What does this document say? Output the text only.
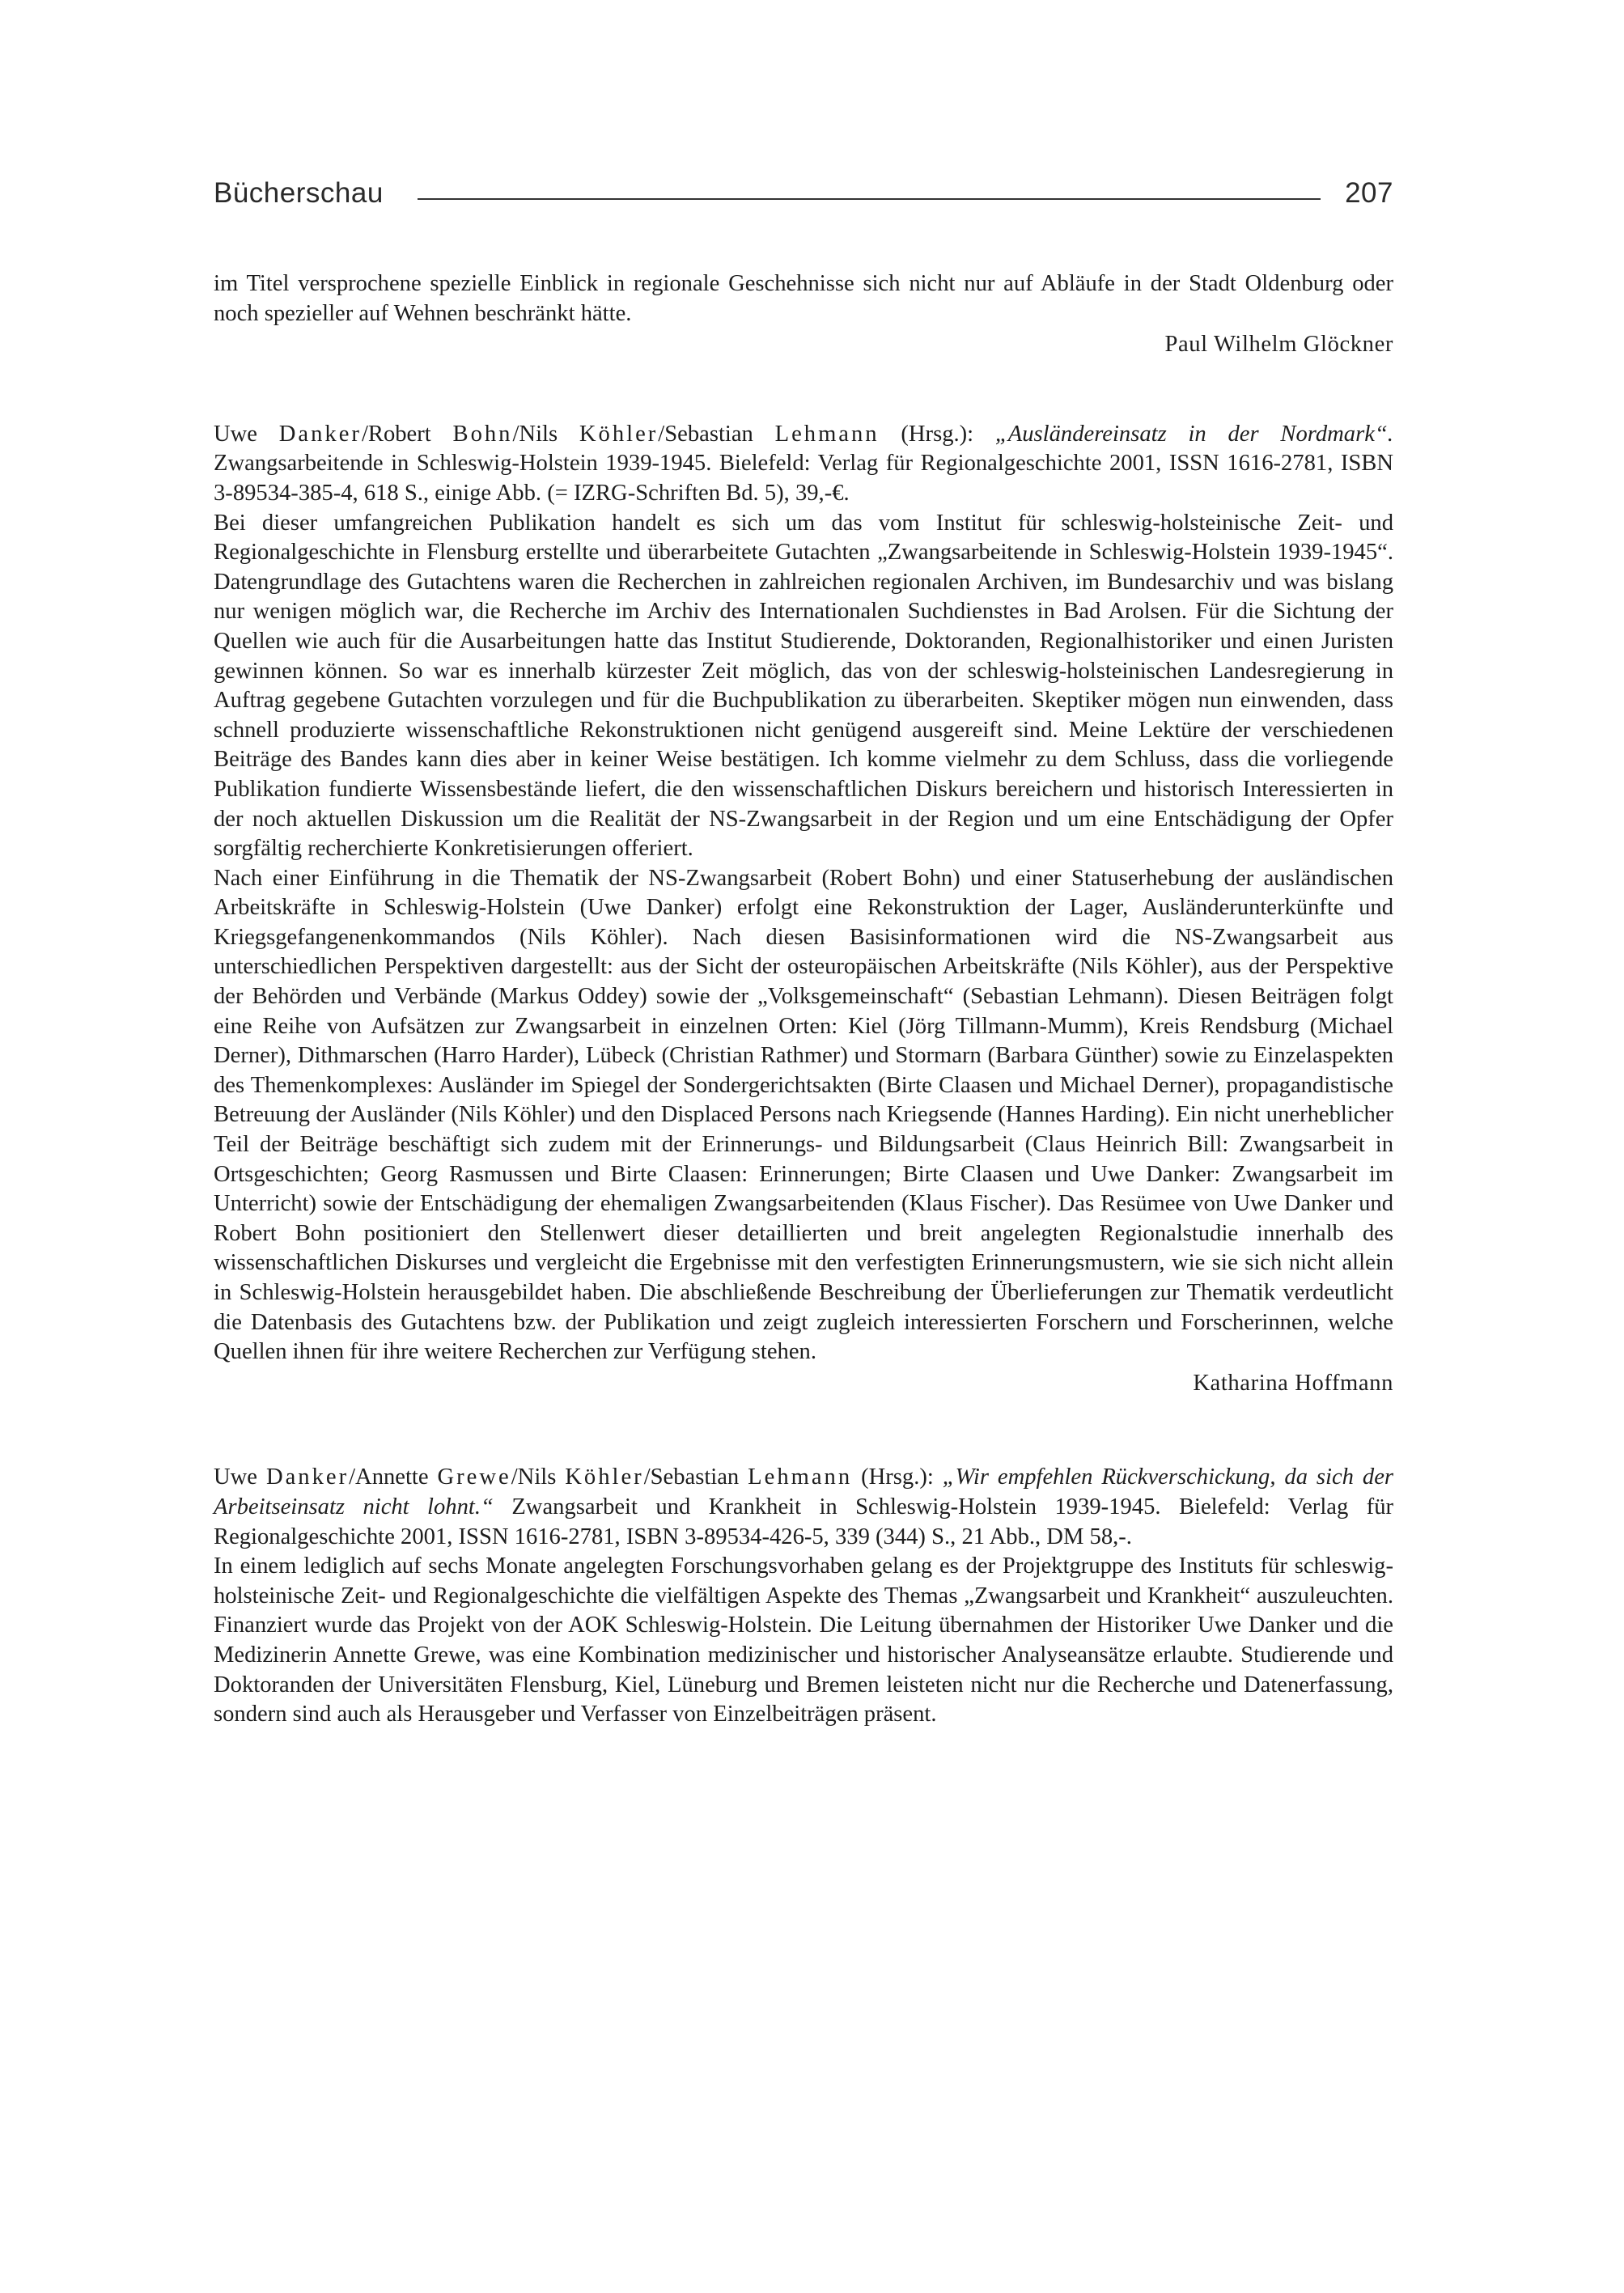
Bücherschau	207

im Titel versprochene spezielle Einblick in regionale Geschehnisse sich nicht nur auf Abläufe in der Stadt Oldenburg oder noch spezieller auf Wehnen beschränkt hätte.

Paul Wilhelm Glöckner

Uwe Danker/Robert Bohn/Nils Köhler/Sebastian Lehmann (Hrsg.): „Ausländereinsatz in der Nordmark“. Zwangsarbeitende in Schleswig-Holstein 1939-1945. Bielefeld: Verlag für Regionalgeschichte 2001, ISSN 1616-2781, ISBN 3-89534-385-4, 618 S., einige Abb. (= IZRG-Schriften Bd. 5), 39,-€.

Bei dieser umfangreichen Publikation handelt es sich um das vom Institut für schleswig-holsteinische Zeit- und Regionalgeschichte in Flensburg erstellte und überarbeitete Gutachten „Zwangsarbeitende in Schleswig-Holstein 1939-1945“. Datengrundlage des Gutachtens waren die Recherchen in zahlreichen regionalen Archiven, im Bundesarchiv und was bislang nur wenigen möglich war, die Recherche im Archiv des Internationalen Suchdienstes in Bad Arolsen. Für die Sichtung der Quellen wie auch für die Ausarbeitungen hatte das Institut Studierende, Doktoranden, Regionalhistoriker und einen Juristen gewinnen können. So war es innerhalb kürzester Zeit möglich, das von der schleswig-holsteinischen Landesregierung in Auftrag gegebene Gutachten vorzulegen und für die Buchpublikation zu überarbeiten. Skeptiker mögen nun einwenden, dass schnell produzierte wissenschaftliche Rekonstruktionen nicht genügend ausgereift sind. Meine Lektüre der verschiedenen Beiträge des Bandes kann dies aber in keiner Weise bestätigen. Ich komme vielmehr zu dem Schluss, dass die vorliegende Publikation fundierte Wissensbestände liefert, die den wissenschaftlichen Diskurs bereichern und historisch Interessierten in der noch aktuellen Diskussion um die Realität der NS-Zwangsarbeit in der Region und um eine Entschädigung der Opfer sorgfältig recherchierte Konkretisierungen offeriert.

Nach einer Einführung in die Thematik der NS-Zwangsarbeit (Robert Bohn) und einer Statuserhebung der ausländischen Arbeitskräfte in Schleswig-Holstein (Uwe Danker) erfolgt eine Rekonstruktion der Lager, Ausländerunterkünfte und Kriegsgefangenenkommandos (Nils Köhler). Nach diesen Basisinformationen wird die NS-Zwangsarbeit aus unterschiedlichen Perspektiven dargestellt: aus der Sicht der osteuropäischen Arbeitskräfte (Nils Köhler), aus der Perspektive der Behörden und Verbände (Markus Oddey) sowie der „Volksgemeinschaft“ (Sebastian Lehmann). Diesen Beiträgen folgt eine Reihe von Aufsätzen zur Zwangsarbeit in einzelnen Orten: Kiel (Jörg Tillmann-Mumm), Kreis Rendsburg (Michael Derner), Dithmarschen (Harro Harder), Lübeck (Christian Rathmer) und Stormarn (Barbara Günther) sowie zu Einzelaspekten des Themenkomplexes: Ausländer im Spiegel der Sondergerichtsakten (Birte Claasen und Michael Derner), propagandistische Betreuung der Ausländer (Nils Köhler) und den Displaced Persons nach Kriegsende (Hannes Harding). Ein nicht unerheblicher Teil der Beiträge beschäftigt sich zudem mit der Erinnerungs- und Bildungsarbeit (Claus Heinrich Bill: Zwangsarbeit in Ortsgeschichten; Georg Rasmussen und Birte Claasen: Erinnerungen; Birte Claasen und Uwe Danker: Zwangsarbeit im Unterricht) sowie der Entschädigung der ehemaligen Zwangsarbeitenden (Klaus Fischer). Das Resümee von Uwe Danker und Robert Bohn positioniert den Stellenwert dieser detaillierten und breit angelegten Regionalstudie innerhalb des wissenschaftlichen Diskurses und vergleicht die Ergebnisse mit den verfestigten Erinnerungsmustern, wie sie sich nicht allein in Schleswig-Holstein herausgebildet haben. Die abschließende Beschreibung der Überlieferungen zur Thematik verdeutlicht die Datenbasis des Gutachtens bzw. der Publikation und zeigt zugleich interessierten Forschern und Forscherinnen, welche Quellen ihnen für ihre weitere Recherchen zur Verfügung stehen.

Katharina Hoffmann

Uwe Danker/Annette Grewe/Nils Köhler/Sebastian Lehmann (Hrsg.): „Wir empfehlen Rückverschickung, da sich der Arbeitseinsatz nicht lohnt.“ Zwangsarbeit und Krankheit in Schleswig-Holstein 1939-1945. Bielefeld: Verlag für Regionalgeschichte 2001, ISSN 1616-2781, ISBN 3-89534-426-5, 339 (344) S., 21 Abb., DM 58,-.

In einem lediglich auf sechs Monate angelegten Forschungsvorhaben gelang es der Projektgruppe des Instituts für schleswig-holsteinische Zeit- und Regionalgeschichte die vielfältigen Aspekte des Themas „Zwangsarbeit und Krankheit“ auszuleuchten. Finanziert wurde das Projekt von der AOK Schleswig-Holstein. Die Leitung übernahmen der Historiker Uwe Danker und die Medizinerin Annette Grewe, was eine Kombination medizinischer und historischer Analyseansätze erlaubte. Studierende und Doktoranden der Universitäten Flensburg, Kiel, Lüneburg und Bremen leisteten nicht nur die Recherche und Datenerfassung, sondern sind auch als Herausgeber und Verfasser von Einzelbeiträgen präsent.
